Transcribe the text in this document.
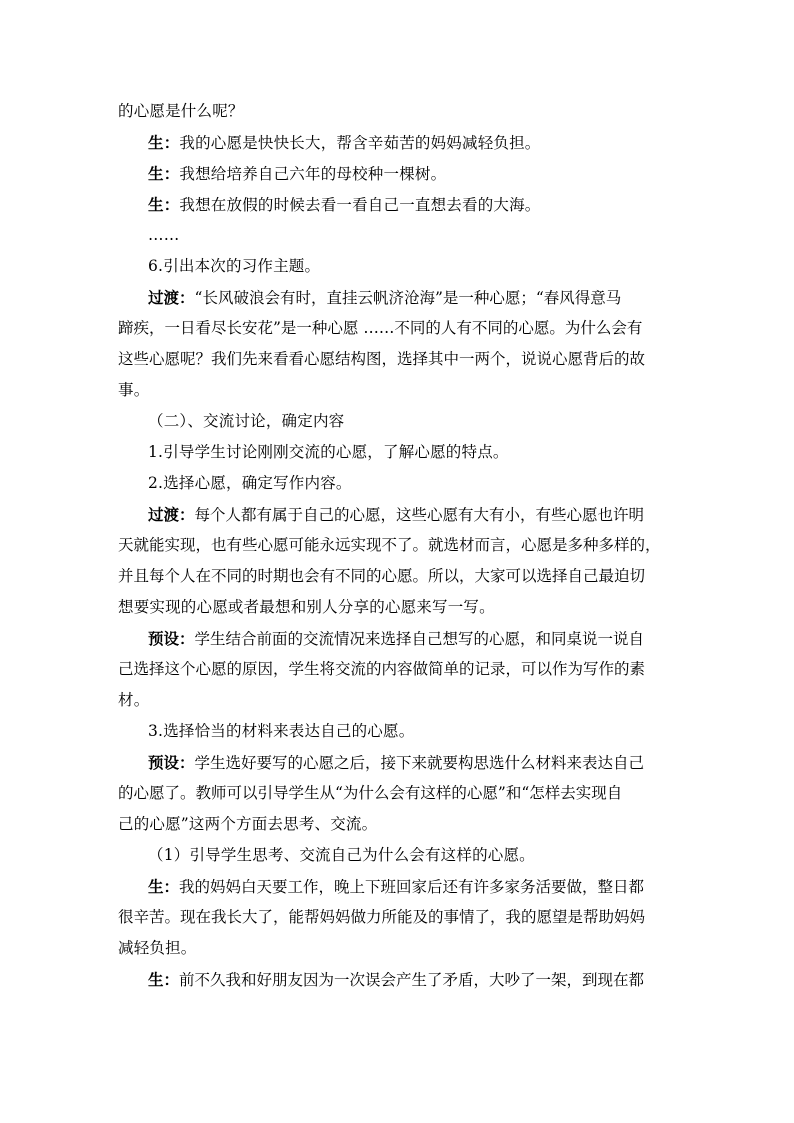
的心愿是什么呢？
生：我的心愿是快快长大，帮含辛茹苦的妈妈减轻负担。
生：我想给培养自己六年的母校种一棵树。
生：我想在放假的时候去看一看自己一直想去看的大海。
……
6.引出本次的习作主题。
过渡：“长风破浪会有时，直挂云帆济沧海”是一种心愿；“春风得意马
蹄疾，一日看尽长安花”是一种心愿 ……不同的人有不同的心愿。为什么会有
这些心愿呢？我们先来看看心愿结构图，选择其中一两个，说说心愿背后的故
事。
（二）、交流讨论，确定内容
1.引导学生讨论刚刚交流的心愿，了解心愿的特点。
2.选择心愿，确定写作内容。
过渡：每个人都有属于自己的心愿，这些心愿有大有小，有些心愿也许明
天就能实现，也有些心愿可能永远实现不了。就选材而言，心愿是多种多样的，
并且每个人在不同的时期也会有不同的心愿。所以，大家可以选择自己最迫切
想要实现的心愿或者最想和别人分享的心愿来写一写。
预设：学生结合前面的交流情况来选择自己想写的心愿，和同桌说一说自
己选择这个心愿的原因，学生将交流的内容做简单的记录，可以作为写作的素
材。
3.选择恰当的材料来表达自己的心愿。
预设：学生选好要写的心愿之后，接下来就要构思选什么材料来表达自己
的心愿了。教师可以引导学生从“为什么会有这样的心愿”和“怎样去实现自
己的心愿”这两个方面去思考、交流。
（1）引导学生思考、交流自己为什么会有这样的心愿。
生：我的妈妈白天要工作，晚上下班回家后还有许多家务活要做，整日都
很辛苦。现在我长大了，能帮妈妈做力所能及的事情了，我的愿望是帮助妈妈
减轻负担。
生：前不久我和好朋友因为一次误会产生了矛盾，大吵了一架，到现在都
